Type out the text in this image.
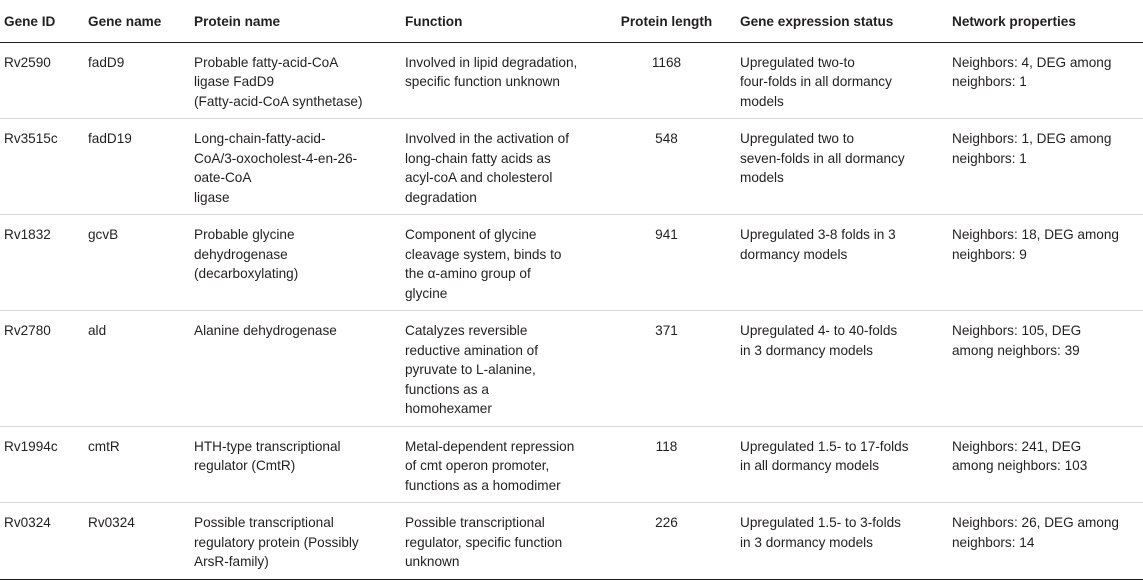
Gene ID	Gene name	Protein name	Function	Protein length	Gene expression status	Network properties
Rv2590	fadD9	Probable fatty-acid-CoA
ligase FadD9
(Fatty-acid-CoA synthetase)	Involved in lipid degradation,
specific function unknown	1168	Upregulated two-to
four-folds in all dormancy
models	Neighbors: 4, DEG among
neighbors: 1
Rv3515c	fadD19	Long-chain-fatty-acid-
CoA/3-oxocholest-4-en-26-
oate-CoA
ligase	Involved in the activation of
long-chain fatty acids as
acyl-coA and cholesterol
degradation	548	Upregulated two to
seven-folds in all dormancy
models	Neighbors: 1, DEG among
neighbors: 1
Rv1832	gcvB	Probable glycine
dehydrogenase
(decarboxylating)	Component of glycine
cleavage system, binds to
the α-amino group of
glycine	941	Upregulated 3-8 folds in 3
dormancy models	Neighbors: 18, DEG among
neighbors: 9
Rv2780	ald	Alanine dehydrogenase	Catalyzes reversible
reductive amination of
pyruvate to L-alanine,
functions as a
homohexamer	371	Upregulated 4- to 40-folds
in 3 dormancy models	Neighbors: 105, DEG
among neighbors: 39
Rv1994c	cmtR	HTH-type transcriptional
regulator (CmtR)	Metal-dependent repression
of cmt operon promoter,
functions as a homodimer	118	Upregulated 1.5- to 17-folds
in all dormancy models	Neighbors: 241, DEG
among neighbors: 103
Rv0324	Rv0324	Possible transcriptional
regulatory protein (Possibly
ArsR-family)	Possible transcriptional
regulator, specific function
unknown	226	Upregulated 1.5- to 3-folds
in 3 dormancy models	Neighbors: 26, DEG among
neighbors: 14
